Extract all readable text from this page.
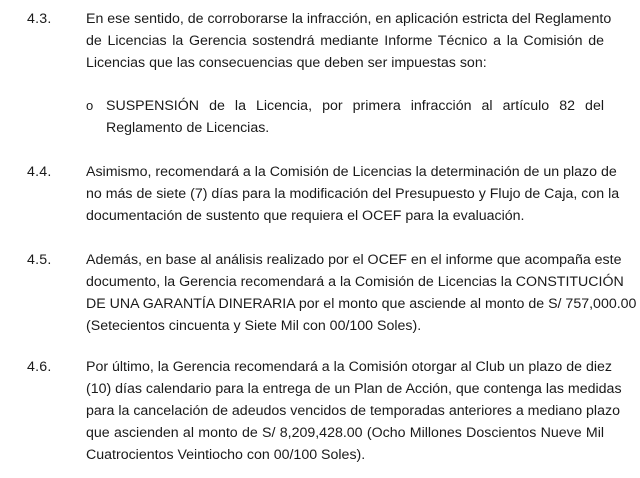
4.3. En ese sentido, de corroborarse la infracción, en aplicación estricta del Reglamento
de Licencias la Gerencia sostendrá mediante Informe Técnico a la Comisión de
Licencias que las consecuencias que deben ser impuestas son:
o SUSPENSIÓN de la Licencia, por primera infracción al artículo 82 del
Reglamento de Licencias.
4.4. Asimismo, recomendará a la Comisión de Licencias la determinación de un plazo de
no más de siete (7) días para la modificación del Presupuesto y Flujo de Caja, con la
documentación de sustento que requiera el OCEF para la evaluación.
4.5. Además, en base al análisis realizado por el OCEF en el informe que acompaña este
documento, la Gerencia recomendará a la Comisión de Licencias la CONSTITUCIÓN
DE UNA GARANTÍA DINERARIA por el monto que asciende al monto de S/ 757,000.00
(Setecientos cincuenta y Siete Mil con 00/100 Soles).
4.6. Por último, la Gerencia recomendará a la Comisión otorgar al Club un plazo de diez
(10) días calendario para la entrega de un Plan de Acción, que contenga las medidas
para la cancelación de adeudos vencidos de temporadas anteriores a mediano plazo
que ascienden al monto de S/ 8,209,428.00 (Ocho Millones Doscientos Nueve Mil
Cuatrocientos Veintiocho con 00/100 Soles).
